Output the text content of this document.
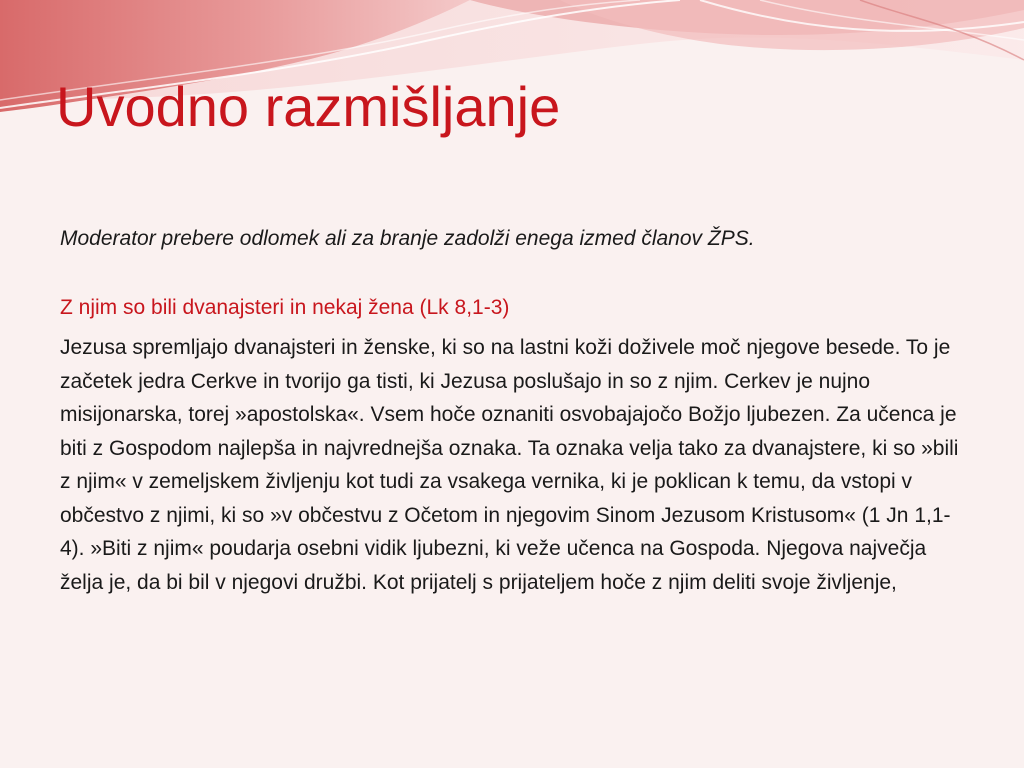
Uvodno razmišljanje

Moderator prebere odlomek ali za branje zadolži enega izmed članov ŽPS.

Z njim so bili dvanajsteri in nekaj žena (Lk 8,1-3)

Jezusa spremljajo dvanajsteri in ženske, ki so na lastni koži doživele moč njegove besede. To je začetek jedra Cerkve in tvorijo ga tisti, ki Jezusa poslušajo in so z njim. Cerkev je nujno misijonarska, torej »apostolska«. Vsem hoče oznaniti osvobajajočo Božjo ljubezen. Za učenca je biti z Gospodom najlepša in najvrednejša oznaka. Ta oznaka velja tako za dvanajstere, ki so »bili z njim« v zemeljskem življenju kot tudi za vsakega vernika, ki je poklican k temu, da vstopi v občestvo z njimi, ki so »v občestvu z Očetom in njegovim Sinom Jezusom Kristusom« (1 Jn 1,1-4). »Biti z njim« poudarja osebni vidik ljubezni, ki veže učenca na Gospoda. Njegova največja želja je, da bi bil v njegovi družbi. Kot prijatelj s prijateljem hoče z njim deliti svoje življenje,
